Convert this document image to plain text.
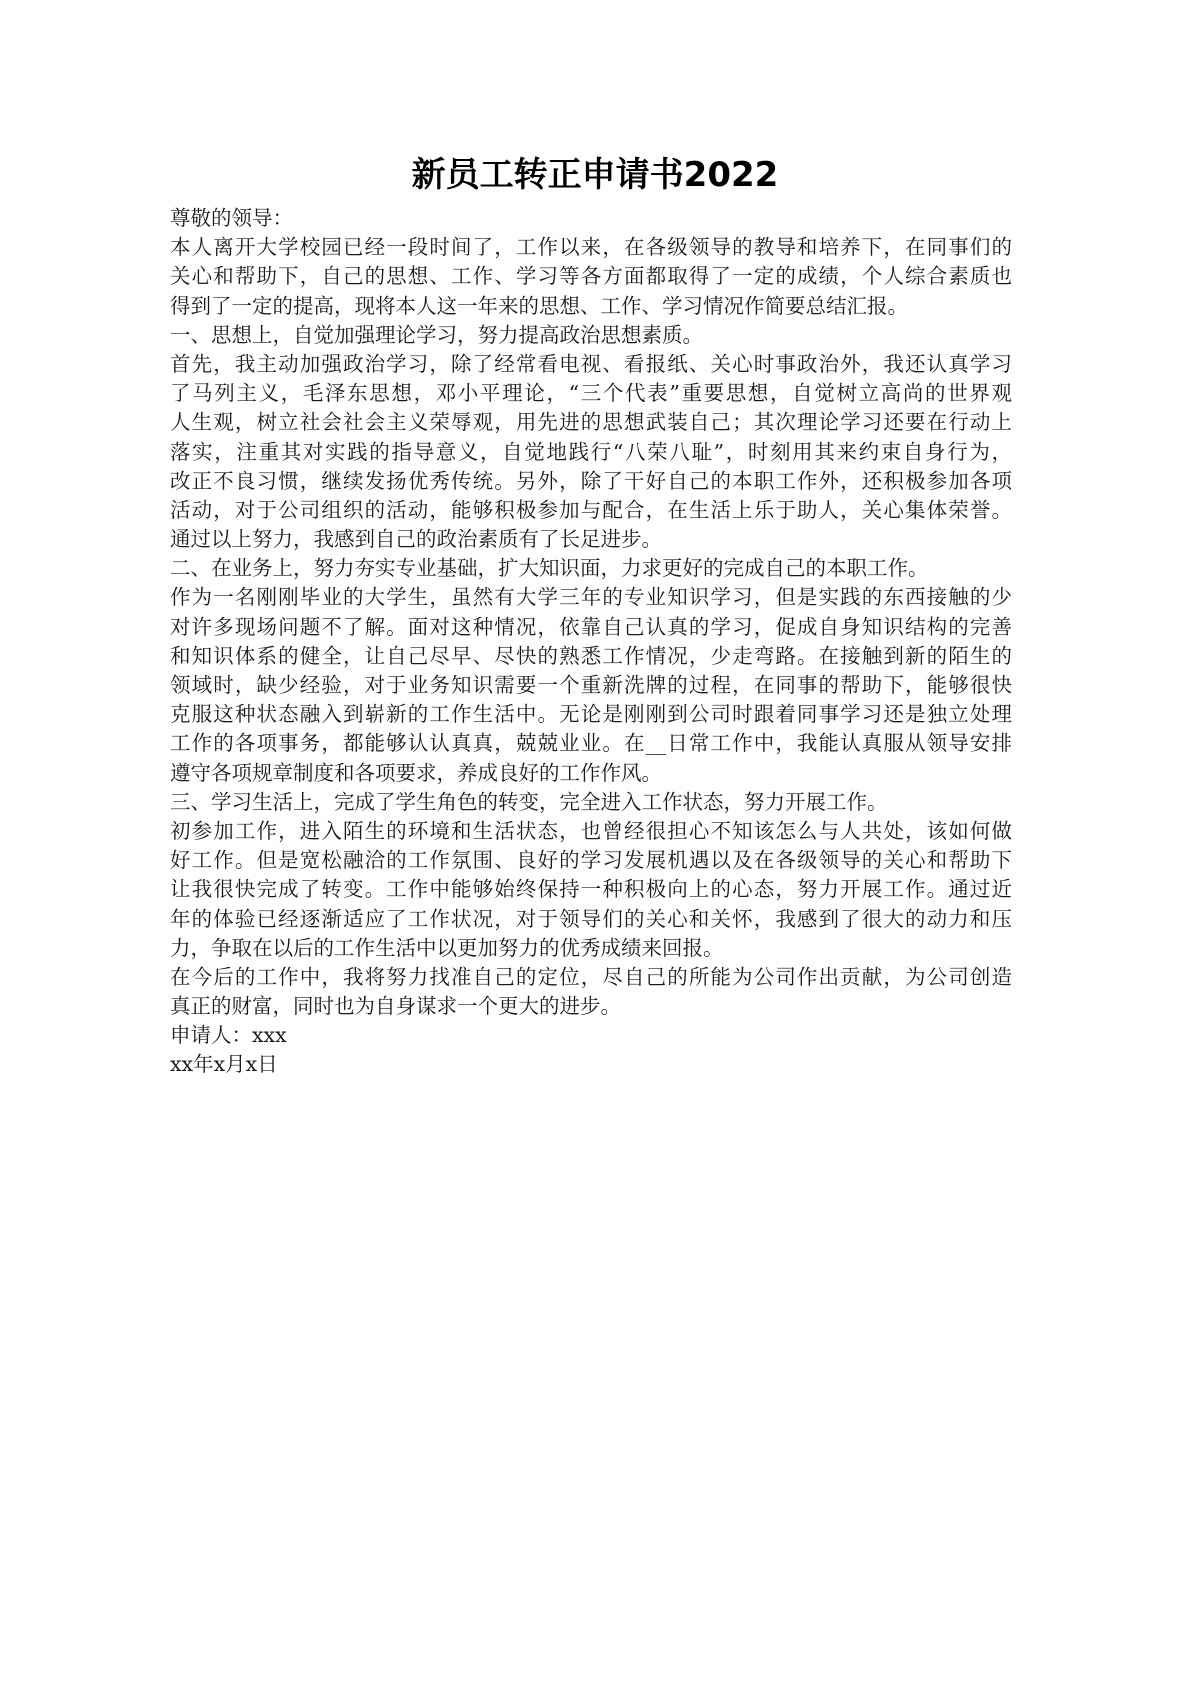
新员工转正申请书2022
尊敬的领导：
本人离开大学校园已经一段时间了，工作以来，在各级领导的教导和培养下，在同事们的
关心和帮助下，自己的思想、工作、学习等各方面都取得了一定的成绩，个人综合素质也
得到了一定的提高，现将本人这一年来的思想、工作、学习情况作简要总结汇报。
一、思想上，自觉加强理论学习，努力提高政治思想素质。
首先，我主动加强政治学习，除了经常看电视、看报纸、关心时事政治外，我还认真学习
了马列主义，毛泽东思想，邓小平理论，“三个代表”重要思想，自觉树立高尚的世界观
人生观，树立社会社会主义荣辱观，用先进的思想武装自己；其次理论学习还要在行动上
落实，注重其对实践的指导意义，自觉地践行“八荣八耻”，时刻用其来约束自身行为，
改正不良习惯，继续发扬优秀传统。另外，除了干好自己的本职工作外，还积极参加各项
活动，对于公司组织的活动，能够积极参加与配合，在生活上乐于助人，关心集体荣誉。
通过以上努力，我感到自己的政治素质有了长足进步。
二、在业务上，努力夯实专业基础，扩大知识面，力求更好的完成自己的本职工作。
作为一名刚刚毕业的大学生，虽然有大学三年的专业知识学习，但是实践的东西接触的少
对许多现场问题不了解。面对这种情况，依靠自己认真的学习，促成自身知识结构的完善
和知识体系的健全，让自己尽早、尽快的熟悉工作情况，少走弯路。在接触到新的陌生的
领域时，缺少经验，对于业务知识需要一个重新洗牌的过程，在同事的帮助下，能够很快
克服这种状态融入到崭新的工作生活中。无论是刚刚到公司时跟着同事学习还是独立处理
工作的各项事务，都能够认认真真，兢兢业业。在__日常工作中，我能认真服从领导安排
遵守各项规章制度和各项要求，养成良好的工作作风。
三、学习生活上，完成了学生角色的转变，完全进入工作状态，努力开展工作。
初参加工作，进入陌生的环境和生活状态，也曾经很担心不知该怎么与人共处，该如何做
好工作。但是宽松融洽的工作氛围、良好的学习发展机遇以及在各级领导的关心和帮助下
让我很快完成了转变。工作中能够始终保持一种积极向上的心态，努力开展工作。通过近
年的体验已经逐渐适应了工作状况，对于领导们的关心和关怀，我感到了很大的动力和压
力，争取在以后的工作生活中以更加努力的优秀成绩来回报。
在今后的工作中，我将努力找准自己的定位，尽自己的所能为公司作出贡献，为公司创造
真正的财富，同时也为自身谋求一个更大的进步。
申请人：xxx
xx年x月x日
